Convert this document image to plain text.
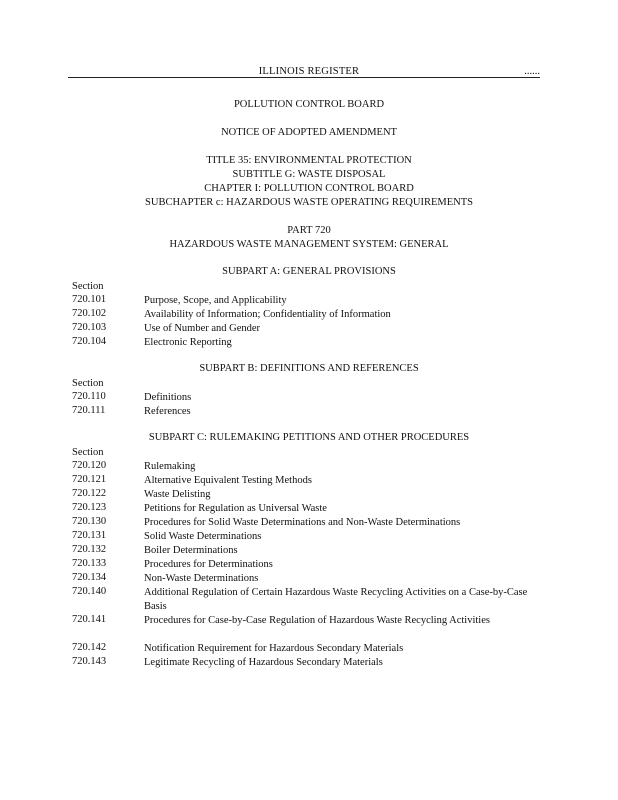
ILLINOIS REGISTER	......
POLLUTION CONTROL BOARD
NOTICE OF ADOPTED AMENDMENT
TITLE 35: ENVIRONMENTAL PROTECTION
SUBTITLE G: WASTE DISPOSAL
CHAPTER I: POLLUTION CONTROL BOARD
SUBCHAPTER c: HAZARDOUS WASTE OPERATING REQUIREMENTS
PART 720
HAZARDOUS WASTE MANAGEMENT SYSTEM: GENERAL
SUBPART A: GENERAL PROVISIONS
Section
720.101	Purpose, Scope, and Applicability
720.102	Availability of Information; Confidentiality of Information
720.103	Use of Number and Gender
720.104	Electronic Reporting
SUBPART B: DEFINITIONS AND REFERENCES
Section
720.110	Definitions
720.111	References
SUBPART C: RULEMAKING PETITIONS AND OTHER PROCEDURES
Section
720.120	Rulemaking
720.121	Alternative Equivalent Testing Methods
720.122	Waste Delisting
720.123	Petitions for Regulation as Universal Waste
720.130	Procedures for Solid Waste Determinations and Non-Waste Determinations
720.131	Solid Waste Determinations
720.132	Boiler Determinations
720.133	Procedures for Determinations
720.134	Non-Waste Determinations
720.140	Additional Regulation of Certain Hazardous Waste Recycling Activities on a Case-by-Case Basis
720.141	Procedures for Case-by-Case Regulation of Hazardous Waste Recycling Activities
720.142	Notification Requirement for Hazardous Secondary Materials
720.143	Legitimate Recycling of Hazardous Secondary Materials
